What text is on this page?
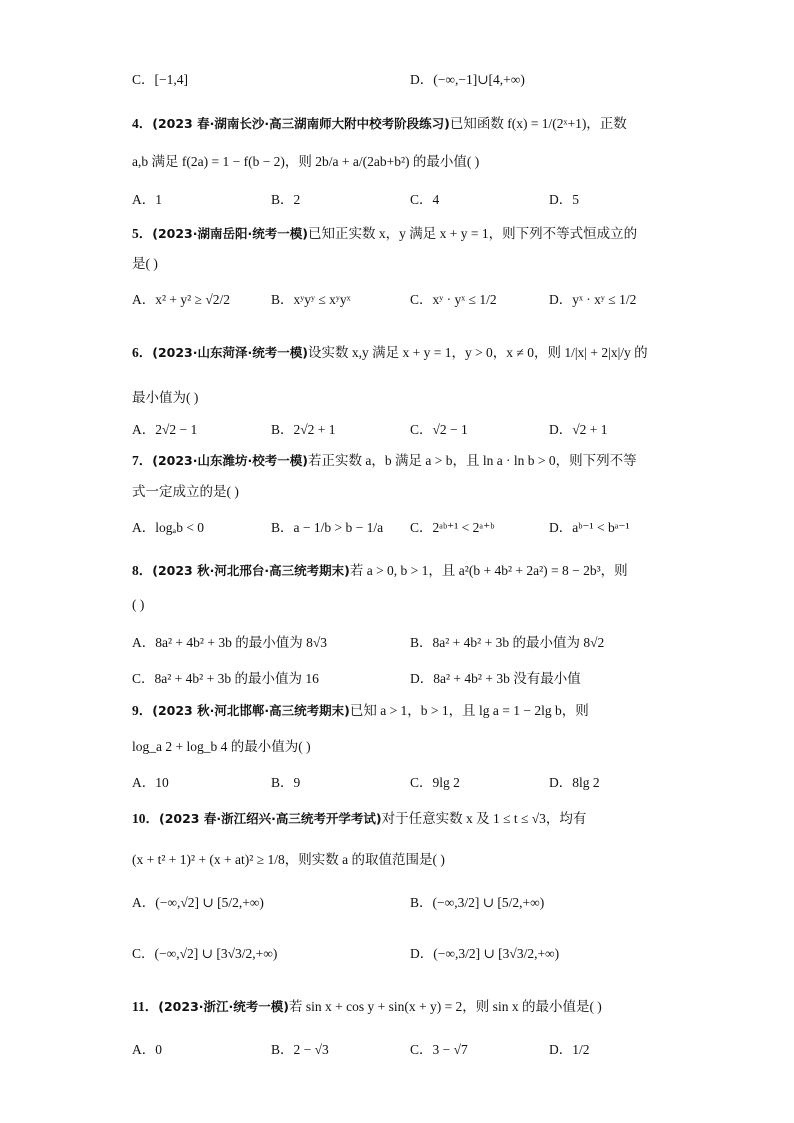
C．[−1,4]	D．(−∞,−1]∪[4,+∞)
4．(2023 春·湖南长沙·高三湖南师大附中校考阶段练习)已知函数 f(x) = 1/(2ˣ+1)，正数
a,b 满足 f(2a) = 1 − f(b − 2)，则 2b/a + a/(2ab+b²) 的最小值( )
A．1	B．2	C．4	D．5
5．(2023·湖南岳阳·统考一模)已知正实数 x，y 满足 x + y = 1，则下列不等式恒成立的
是( )
A．x² + y² ≥ √2/2	B．xʸyʸ ≤ xʸyˣ	C．xʸ · yˣ ≤ 1/2	D．yˣ · xʸ ≤ 1/2
6．(2023·山东菏泽·统考一模)设实数 x,y 满足 x + y = 1，y > 0，x ≠ 0，则 1/|x| + 2|x|/y 的
最小值为( )
A．2√2 − 1	B．2√2 + 1	C．√2 − 1	D．√2 + 1
7．(2023·山东潍坊·校考一模)若正实数 a，b 满足 a > b，且 ln a · ln b > 0，则下列不等
式一定成立的是( )
A．logₐb < 0	B．a − 1/b > b − 1/a C．2ᵃᵇ⁺¹ < 2ᵃ⁺ᵇ	D．aᵇ⁻¹ < bᵃ⁻¹
8．(2023 秋·河北邢台·高三统考期末)若 a > 0, b > 1，且 a²(b + 4b² + 2a²) = 8 − 2b³，则
( )
A．8a² + 4b² + 3b 的最小值为 8√3	B．8a² + 4b² + 3b 的最小值为 8√2
C．8a² + 4b² + 3b 的最小值为 16	D．8a² + 4b² + 3b 没有最小值
9．(2023 秋·河北邯郸·高三统考期末)已知 a > 1，b > 1，且 lg a = 1 − 2lg b，则
log_a 2 + log_b 4 的最小值为( )
A．10	B．9	C．9lg 2	D．8lg 2
10．(2023 春·浙江绍兴·高三统考开学考试)对于任意实数 x 及 1 ≤ t ≤ √3，均有
(x + t² + 1)² + (x + at)² ≥ 1/8，则实数 a 的取值范围是( )
A．(−∞,√2] ∪ [5/2,+∞)	B．(−∞,3/2] ∪ [5/2,+∞)
C．(−∞,√2] ∪ [3√3/2,+∞)	D．(−∞,3/2] ∪ [3√3/2,+∞)
11．(2023·浙江·统考一模)若 sin x + cos y + sin(x + y) = 2，则 sin x 的最小值是( )
A．0	B．2 − √3	C．3 − √7	D．1/2
